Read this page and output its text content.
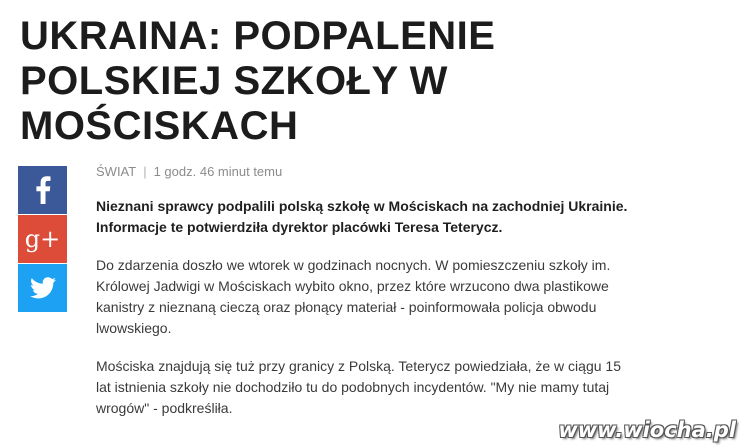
UKRAINA: PODPALENIE
POLSKIEJ SZKOŁY W
MOŚCISKACH
g+
ŚWIAT | 1 godz. 46 minut temu

Nieznani sprawcy podpalili polską szkołę w Mościskach na zachodniej Ukrainie. Informacje te potwierdziła dyrektor placówki Teresa Teterycz.

Do zdarzenia doszło we wtorek w godzinach nocnych. W pomieszczeniu szkoły im. Królowej Jadwigi w Mościskach wybito okno, przez które wrzucono dwa plastikowe kanistry z nieznaną cieczą oraz płonący materiał - poinformowała policja obwodu lwowskiego.

Mościska znajdują się tuż przy granicy z Polską. Teterycz powiedziała, że w ciągu 15 lat istnienia szkoły nie dochodziło tu do podobnych incydentów. "My nie mamy tutaj wrogów" - podkreśliła.

www.wiocha.pl
